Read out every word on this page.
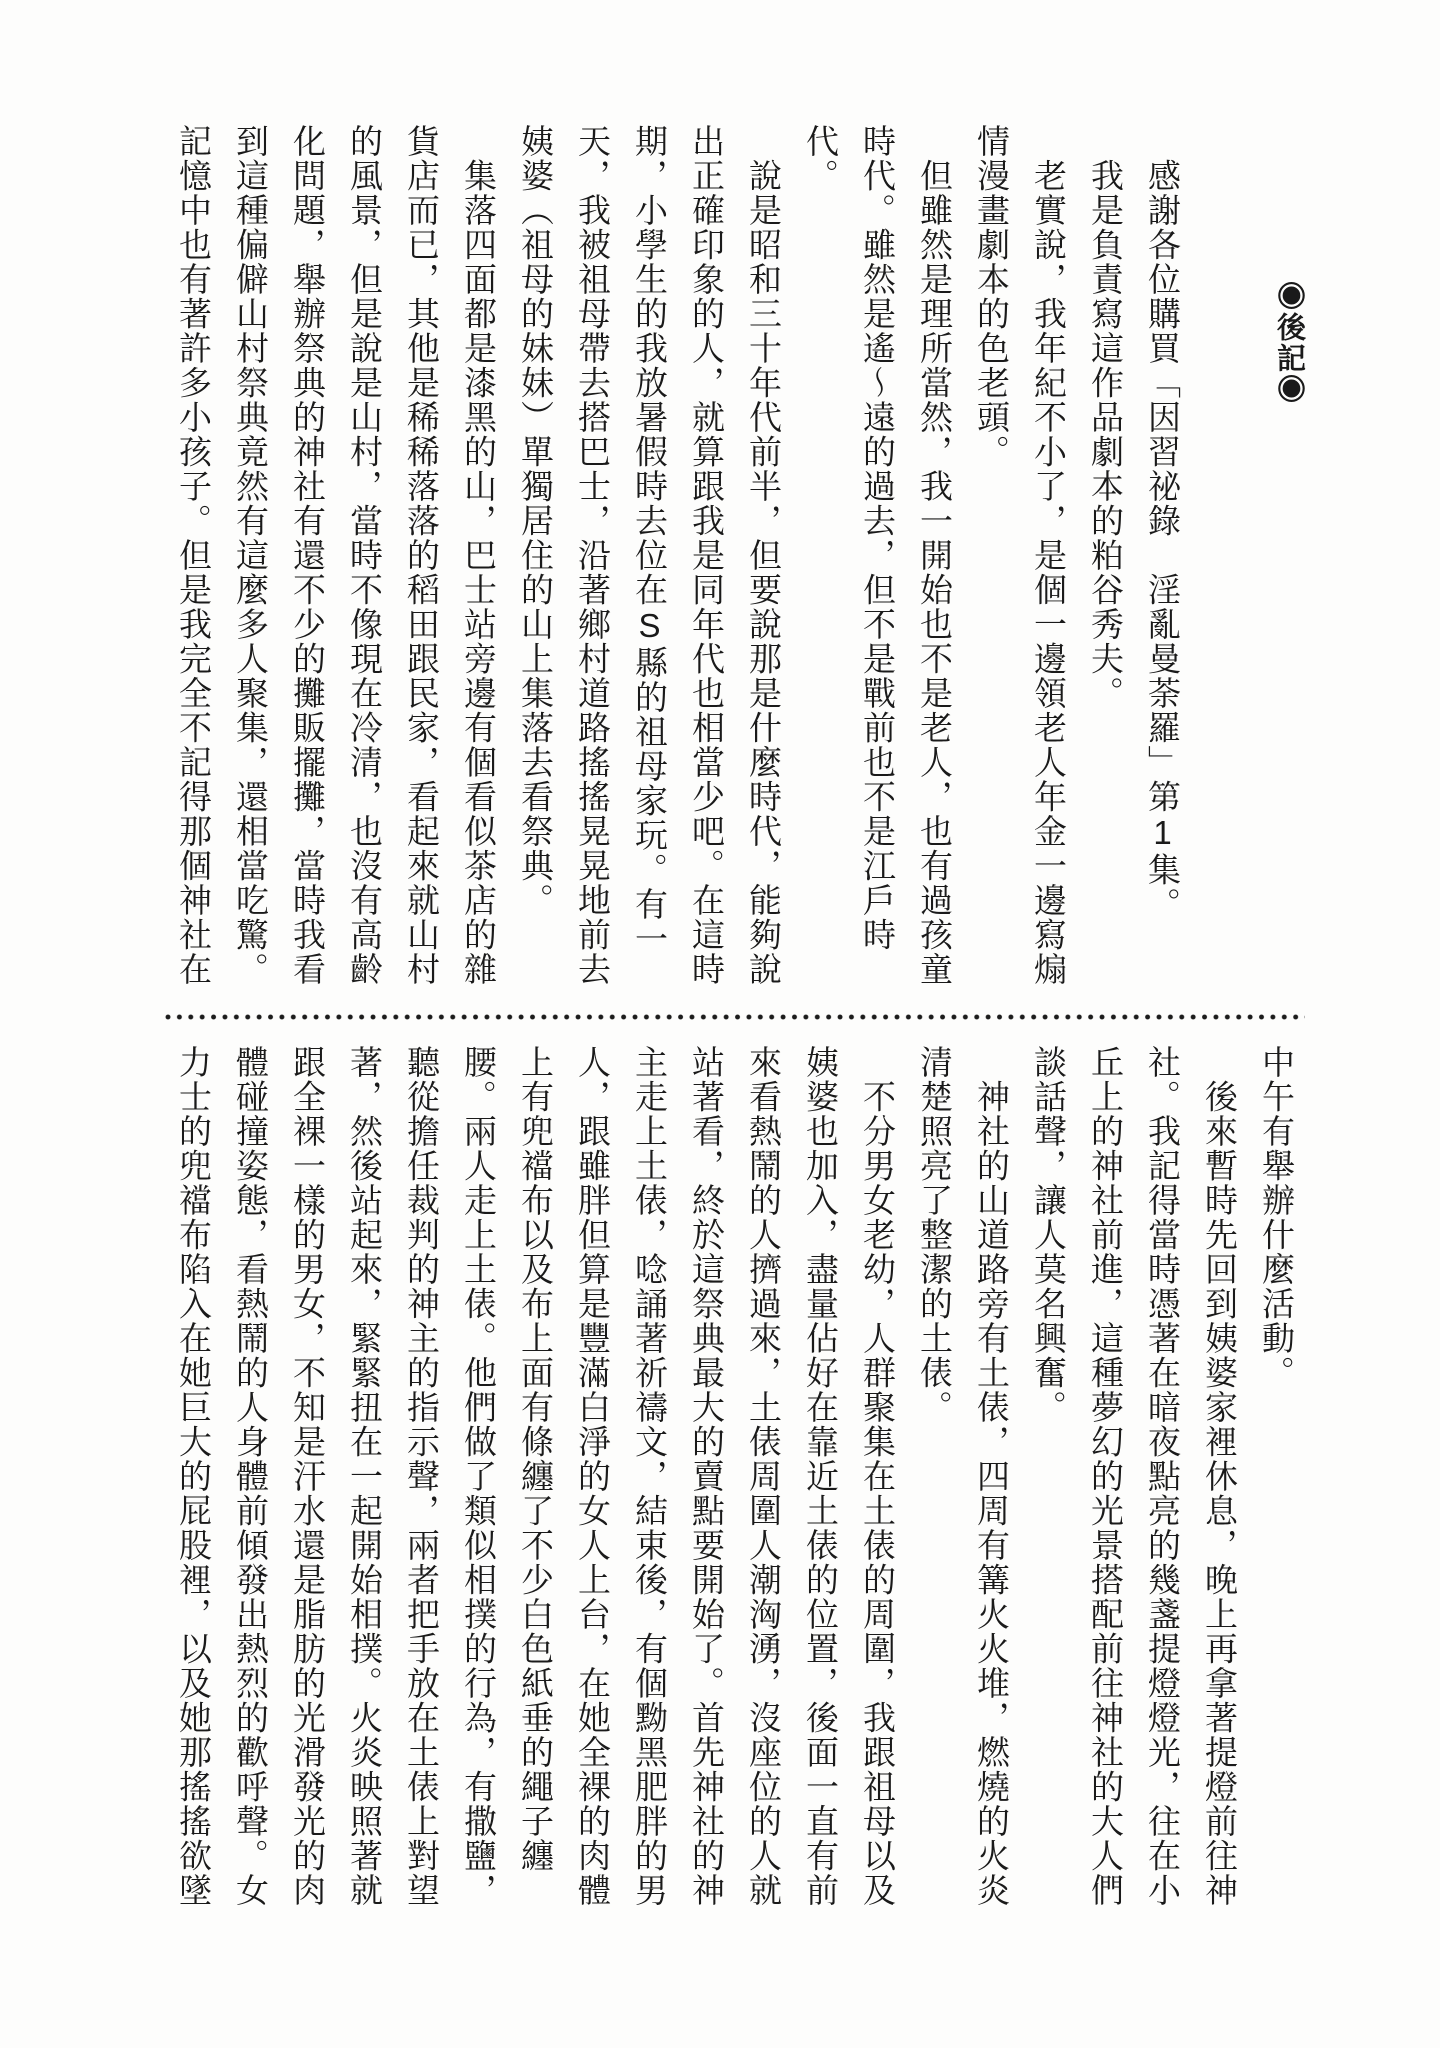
◉後記◉
　感謝各位購買「因習祕錄　淫亂曼荼羅」第1集。
　我是負責寫這作品劇本的粕谷秀夫。
　老實說，我年紀不小了，是個一邊領老人年金一邊寫煽
情漫畫劇本的色老頭。
　但雖然是理所當然，我一開始也不是老人，也有過孩童
時代。雖然是遙～遠的過去，但不是戰前也不是江戶時
代。
　說是昭和三十年代前半，但要說那是什麼時代，能夠說
出正確印象的人，就算跟我是同年代也相當少吧。在這時
期，小學生的我放暑假時去位在S縣的祖母家玩。有一
天，我被祖母帶去搭巴士，沿著鄉村道路搖搖晃晃地前去
姨婆（祖母的妹妹）單獨居住的山上集落去看祭典。
　集落四面都是漆黑的山，巴士站旁邊有個看似茶店的雜
貨店而已，其他是稀稀落落的稻田跟民家，看起來就山村
的風景，但是說是山村，當時不像現在冷清，也沒有高齡
化問題，舉辦祭典的神社有還不少的攤販擺攤，當時我看
到這種偏僻山村祭典竟然有這麼多人聚集，還相當吃驚。
記憶中也有著許多小孩子。但是我完全不記得那個神社在
中午有舉辦什麼活動。
　後來暫時先回到姨婆家裡休息，晚上再拿著提燈前往神
社。我記得當時憑著在暗夜點亮的幾盞提燈燈光，往在小
丘上的神社前進，這種夢幻的光景搭配前往神社的大人們
談話聲，讓人莫名興奮。
　神社的山道路旁有土俵，四周有篝火火堆，燃燒的火炎
清楚照亮了整潔的土俵。
　不分男女老幼，人群聚集在土俵的周圍，我跟祖母以及
姨婆也加入，盡量佔好在靠近土俵的位置，後面一直有前
來看熱鬧的人擠過來，土俵周圍人潮洶湧，沒座位的人就
站著看，終於這祭典最大的賣點要開始了。首先神社的神
主走上土俵，唸誦著祈禱文，結束後，有個黝黑肥胖的男
人，跟雖胖但算是豐滿白淨的女人上台，在她全裸的肉體
上有兜襠布以及布上面有條纏了不少白色紙垂的繩子纏
腰。兩人走上土俵。他們做了類似相撲的行為，有撒鹽，
聽從擔任裁判的神主的指示聲，兩者把手放在土俵上對望
著，然後站起來，緊緊扭在一起開始相撲。火炎映照著就
跟全裸一樣的男女，不知是汗水還是脂肪的光滑發光的肉
體碰撞姿態，看熱鬧的人身體前傾發出熱烈的歡呼聲。女
力士的兜襠布陷入在她巨大的屁股裡，以及她那搖搖欲墜
